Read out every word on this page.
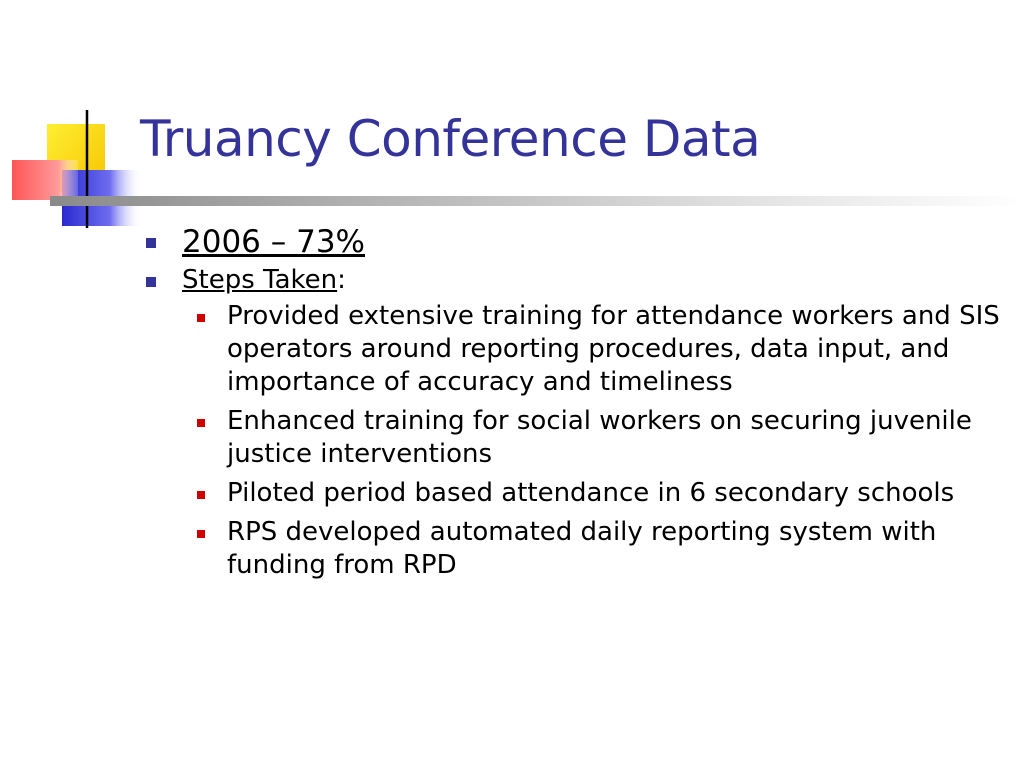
Truancy Conference Data
2006 – 73%
Steps Taken:
Provided extensive training for attendance workers and SIS operators around reporting procedures, data input, and importance of accuracy and timeliness
Enhanced training for social workers on securing juvenile justice interventions
Piloted period based attendance in 6 secondary schools
RPS developed automated daily reporting system with funding from RPD
